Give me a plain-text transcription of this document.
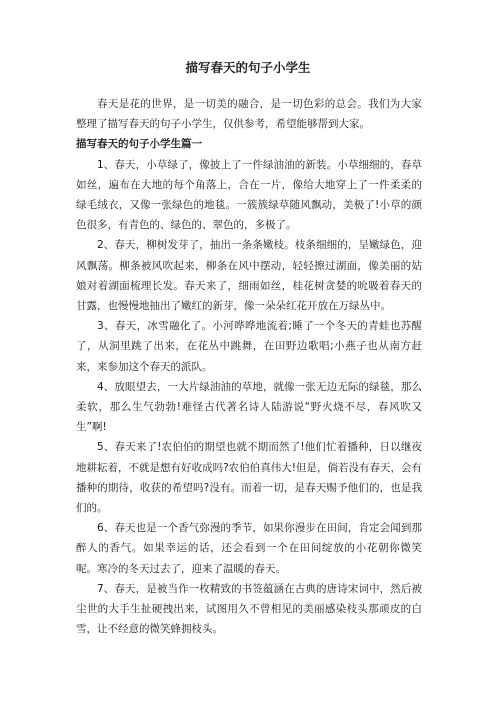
描写春天的句子小学生

春天是花的世界，是一切美的融合，是一切色彩的总会。我们为大家整理了描写春天的句子小学生，仅供参考，希望能够帮到大家。

描写春天的句子小学生篇一

1、春天，小草绿了，像披上了一件绿油油的新装。小草细细的，春草如丝，遍布在大地的每个角落上，合在一片，像给大地穿上了一件柔柔的绿毛绒衣，又像一张绿色的地毯。一簇簇绿草随风飘动，美极了!小草的颜色很多，有青色的、绿色的、翠色的，多极了。

2、春天，柳树发芽了，抽出一条条嫩枝。枝条细细的，呈嫩绿色，迎风飘荡。柳条被风吹起来，柳条在风中摆动，轻轻擦过湖面，像美丽的姑娘对着湖面梳理长发。春天来了，细雨如丝，桂花树贪婪的吮吸着春天的甘露，也慢慢地抽出了嫩红的新芽，像一朵朵红花开放在万绿丛中。

3、春天，冰雪融化了。小河哗哗地流着;睡了一个冬天的青蛙也苏醒了，从洞里跳了出来，在花丛中跳舞，在田野边歌唱;小燕子也从南方赶来，来参加这个春天的派队。

4、放眼望去，一大片绿油油的草地，就像一张无边无际的绿毯，那么柔软，那么生气勃勃!难怪古代著名诗人陆游说“野火烧不尽，春风吹又生”啊!

5、春天来了!农伯伯的期望也就不期而然了!他们忙着播种，日以继夜地耕耘着，不就是想有好收成吗?农伯伯真伟大!但是，倘若没有春天，会有播种的期待，收获的希望吗?没有。而着一切，是春天赐予他们的，也是我们的。

6、春天也是一个香气弥漫的季节，如果你漫步在田间，肯定会闻到那醉人的香气。如果幸运的话，还会看到一个在田间绽放的小花朝你微笑呢。寒冷的冬天过去了，迎来了温暖的春天。

7、春天，是被当作一枚精致的书签蕴涵在古典的唐诗宋词中，然后被尘世的大手生扯硬拽出来，试图用久不曾相见的美丽感染枝头那顽皮的白雪，让不经意的微笑蜂拥枝头。
